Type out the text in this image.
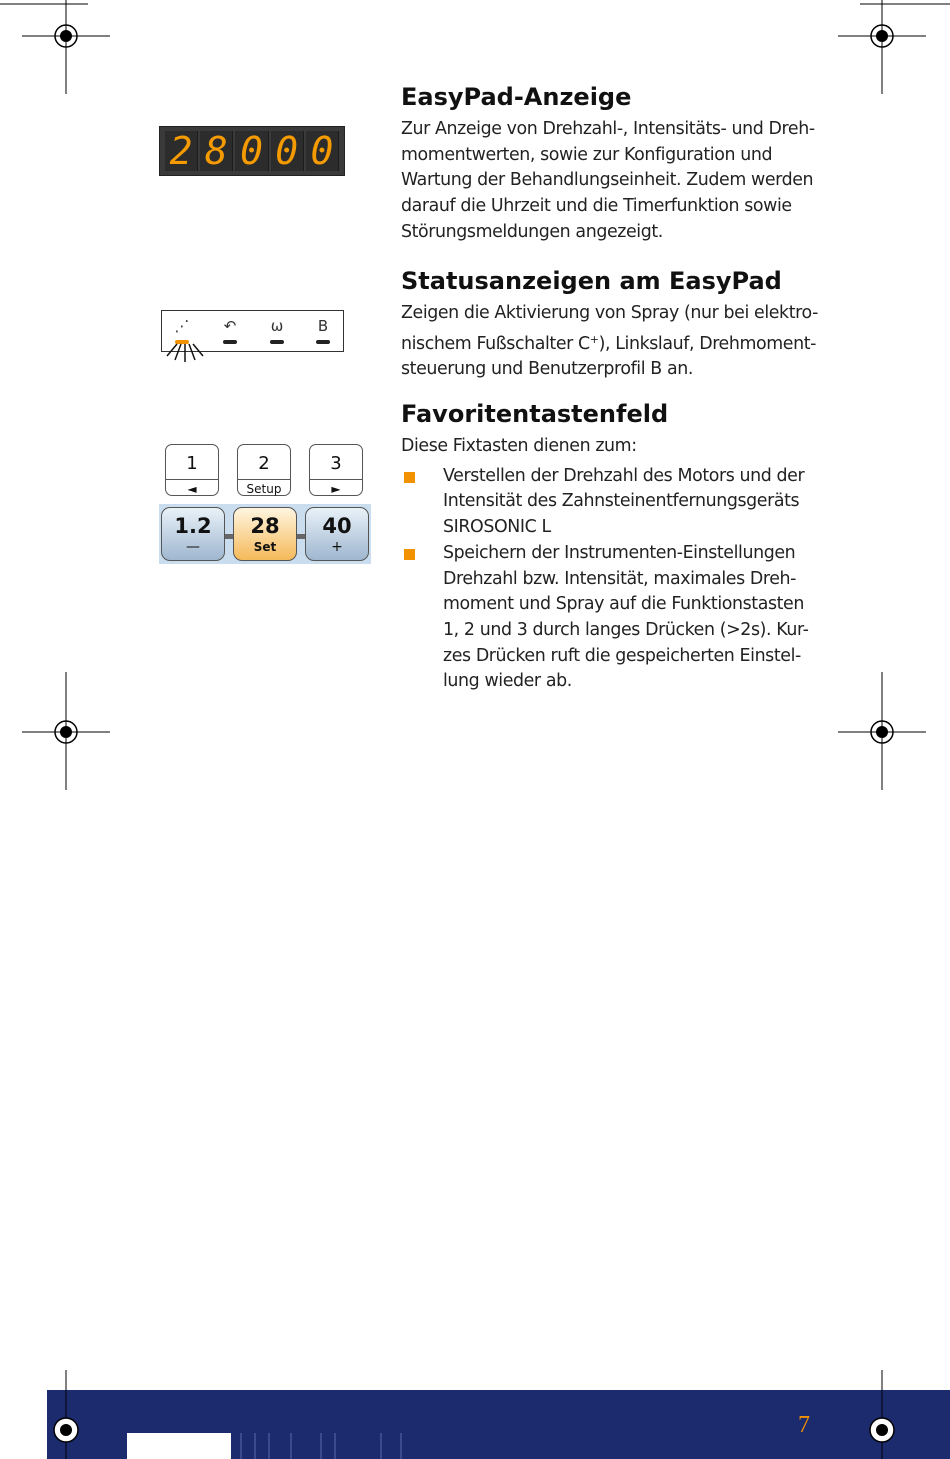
2 8 0 0 0
⋰	↶	ω	B
1
◄
2
Setup
3
►
1.2
—
28
Set
40
+
EasyPad-Anzeige
Zur Anzeige von Drehzahl-, Intensitäts- und Dreh-
momentwerten, sowie zur Konfiguration und
Wartung der Behandlungseinheit. Zudem werden
darauf die Uhrzeit und die Timerfunktion sowie
Störungsmeldungen angezeigt.
Statusanzeigen am EasyPad
Zeigen die Aktivierung von Spray (nur bei elektro-
nischem Fußschalter C+), Linkslauf, Drehmoment-
steuerung und Benutzerprofil B an.
Favoritentastenfeld
Diese Fixtasten dienen zum:
Verstellen der Drehzahl des Motors und der
Intensität des Zahnsteinentfernungsgeräts
SIROSONIC L
Speichern der Instrumenten-Einstellungen
Drehzahl bzw. Intensität, maximales Dreh-
moment und Spray auf die Funktionstasten
1, 2 und 3 durch langes Drücken (>2s). Kur-
zes Drücken ruft die gespeicherten Einstel-
lung wieder ab.
7
